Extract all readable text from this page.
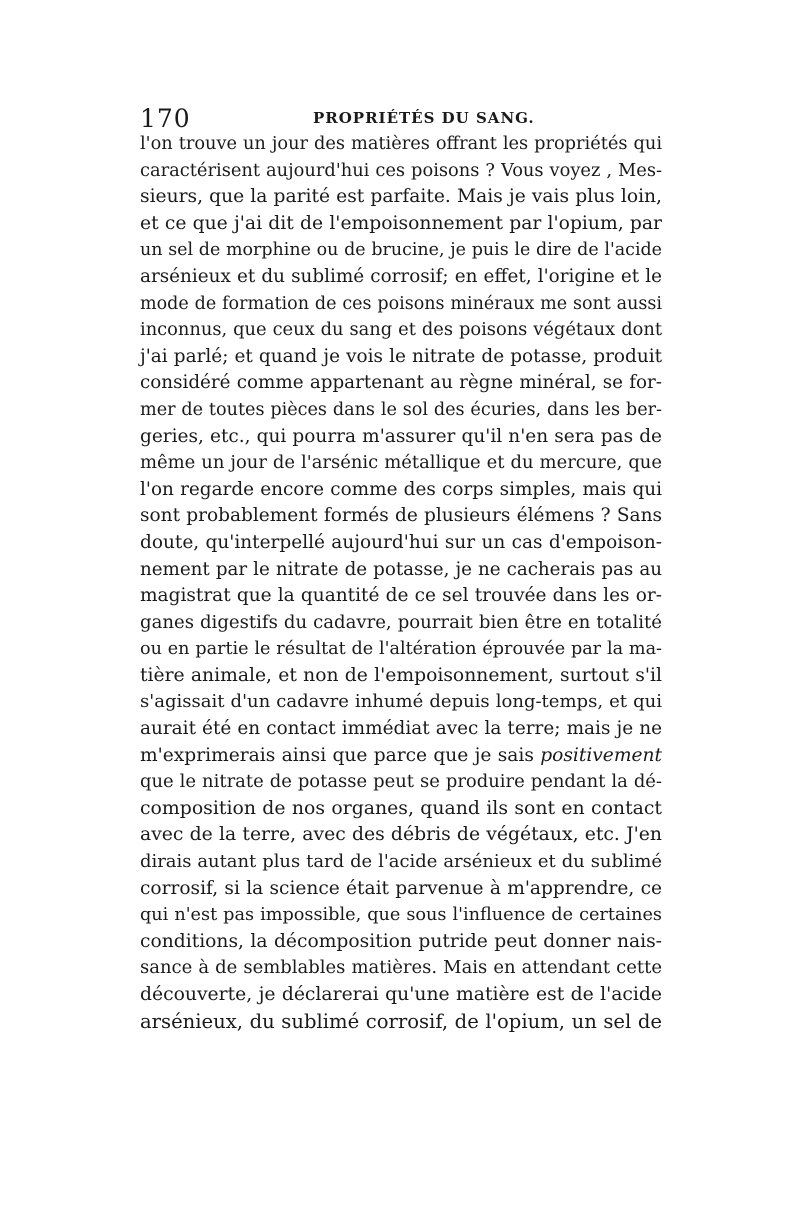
170	PROPRIÉTÉS DU SANG.
l'on trouve un jour des matières offrant les propriétés qui
caractérisent aujourd'hui ces poisons ? Vous voyez , Mes-
sieurs, que la parité est parfaite. Mais je vais plus loin,
et ce que j'ai dit de l'empoisonnement par l'opium, par
un sel de morphine ou de brucine, je puis le dire de l'acide
arsénieux et du sublimé corrosif; en effet, l'origine et le
mode de formation de ces poisons minéraux me sont aussi
inconnus, que ceux du sang et des poisons végétaux dont
j'ai parlé; et quand je vois le nitrate de potasse, produit
considéré comme appartenant au règne minéral, se for-
mer de toutes pièces dans le sol des écuries, dans les ber-
geries, etc., qui pourra m'assurer qu'il n'en sera pas de
même un jour de l'arsénic métallique et du mercure, que
l'on regarde encore comme des corps simples, mais qui
sont probablement formés de plusieurs élémens ? Sans
doute, qu'interpellé aujourd'hui sur un cas d'empoison-
nement par le nitrate de potasse, je ne cacherais pas au
magistrat que la quantité de ce sel trouvée dans les or-
ganes digestifs du cadavre, pourrait bien être en totalité
ou en partie le résultat de l'altération éprouvée par la ma-
tière animale, et non de l'empoisonnement, surtout s'il
s'agissait d'un cadavre inhumé depuis long-temps, et qui
aurait été en contact immédiat avec la terre; mais je ne
m'exprimerais ainsi que parce que je sais positivement
que le nitrate de potasse peut se produire pendant la dé-
composition de nos organes, quand ils sont en contact
avec de la terre, avec des débris de végétaux, etc. J'en
dirais autant plus tard de l'acide arsénieux et du sublimé
corrosif, si la science était parvenue à m'apprendre, ce
qui n'est pas impossible, que sous l'influence de certaines
conditions, la décomposition putride peut donner nais-
sance à de semblables matières. Mais en attendant cette
découverte, je déclarerai qu'une matière est de l'acide
arsénieux, du sublimé corrosif, de l'opium, un sel de
